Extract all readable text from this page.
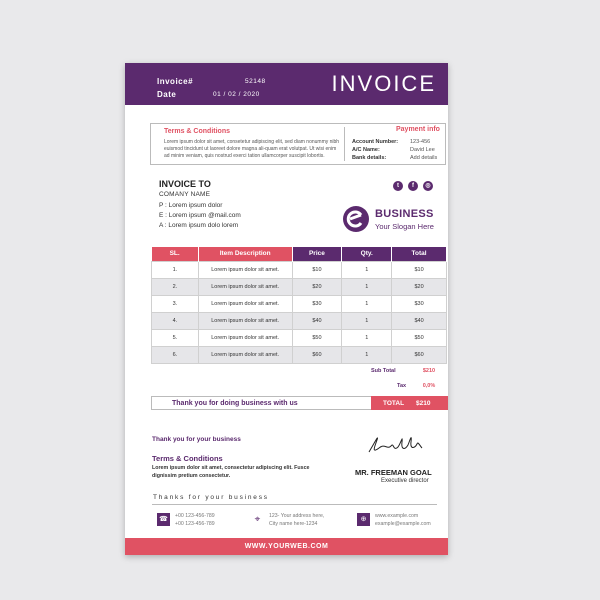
Invoice#	52148
Date	01 / 02 / 2020	INVOICE
Terms & Conditions
Lorem ipsum dolor sit amet, consetetur adipiscing elit, sed diam nonummy nibh euismod tincidunt ut laoreet dolore magna ali-quam erat volutpat. Ut wisi enim ad minim veniam, quis nostrud exerci tation ullamcorper suscipit lobortis.
Payment info
Account Number: 123-456
A/C Name:	David Lee
Bank details:	Add details
INVOICE TO
COMANY NAME
P : Lorem ipsum dolor
E : Lorem ipsum @mail.com
A : Lorem ipsum dolo lorem
t	f	◎
BUSINESS
Your Slogan Here
SL.	Item Description	Price	Qty.	Total
1.	Lorem ipsum dolor sit amet.	$10	1	$10
2.	Lorem ipsum dolor sit amet.	$20	1	$20
3.	Lorem ipsum dolor sit amet.	$30	1	$30
4.	Lorem ipsum dolor sit amet.	$40	1	$40
5.	Lorem ipsum dolor sit amet.	$50	1	$50
6.	Lorem ipsum dolor sit amet.	$60	1	$60
Sub Total	$210
Tax	0,0%
Thank you for doing business with us	TOTAL $210
Thank you for your business
Terms & Conditions
Lorem ipsum dolor sit amet, consectetur adipiscing elit. Fusce dignissim pretium consectetur.	MR. FREEMAN GOAL
Executive director
Thanks for your business
☎	+00 123-456-789
+00 123-456-789	⌖	123- Your address here,
City name here-1234
⊕	www.example.com
example@example.com
WWW.YOURWEB.COM
